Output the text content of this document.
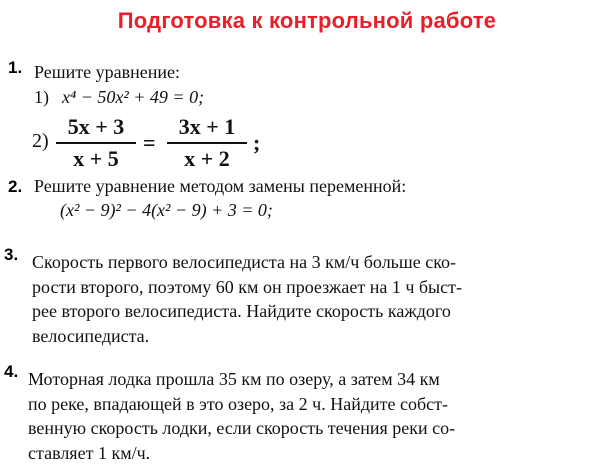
Подготовка к контрольной работе
1. Решите уравнение:
1) x⁴ − 50x² + 49 = 0;
2)
5x + 3
x + 5
=
3x + 1
x + 2
;
2. Решите уравнение методом замены переменной:
(x² − 9)² − 4(x² − 9) + 3 = 0;
3. Скорость первого велосипедиста на 3 км/ч больше ско-
рости второго, поэтому 60 км он проезжает на 1 ч быст-
рее второго велосипедиста. Найдите скорость каждого
велосипедиста.
4. Моторная лодка прошла 35 км по озеру, а затем 34 км
по реке, впадающей в это озеро, за 2 ч. Найдите собст-
венную скорость лодки, если скорость течения реки со-
ставляет 1 км/ч.
